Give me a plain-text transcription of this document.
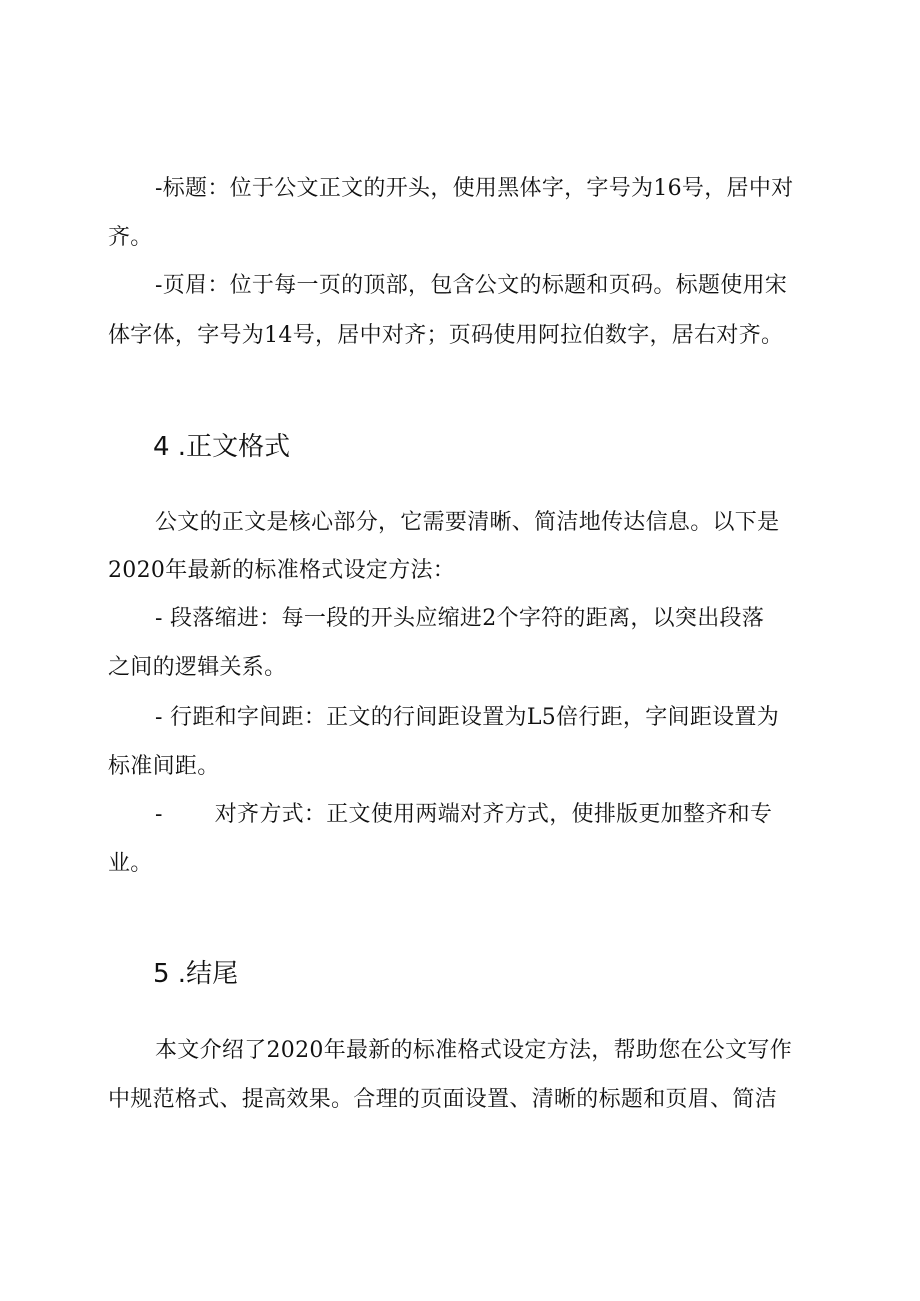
-标题：位于公文正文的开头，使用黑体字，字号为16号，居中对
齐。
-页眉：位于每一页的顶部，包含公文的标题和页码。标题使用宋
体字体，字号为14号，居中对齐；页码使用阿拉伯数字，居右对齐。
4 .正文格式
公文的正文是核心部分，它需要清晰、简洁地传达信息。以下是
2020年最新的标准格式设定方法：
- 段落缩进：每一段的开头应缩进2个字符的距离，以突出段落
之间的逻辑关系。
- 行距和字间距：正文的行间距设置为L5倍行距，字间距设置为
标准间距。
- 对齐方式：正文使用两端对齐方式，使排版更加整齐和专
业。
5 .结尾
本文介绍了2020年最新的标准格式设定方法，帮助您在公文写作
中规范格式、提高效果。合理的页面设置、清晰的标题和页眉、简洁
